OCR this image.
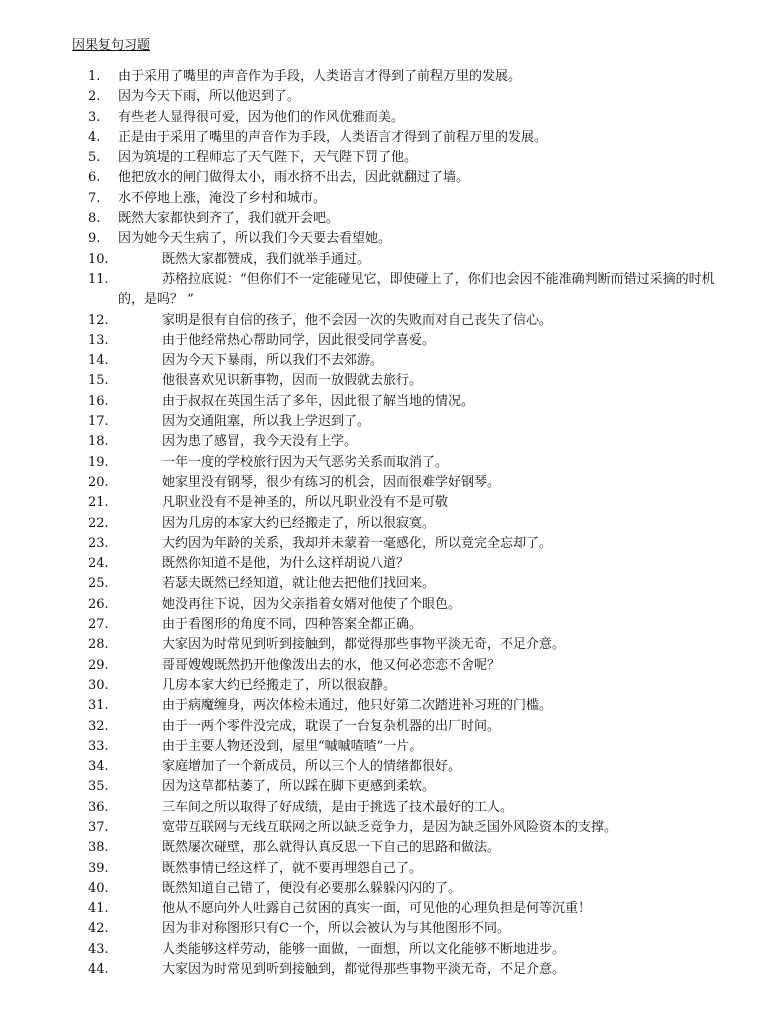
因果复句习题
1.	由于采用了嘴里的声音作为手段，人类语言才得到了前程万里的发展。
2.	因为今天下雨，所以他迟到了。
3.	有些老人显得很可爱，因为他们的作风优雅而美。
4.	正是由于采用了嘴里的声音作为手段，人类语言才得到了前程万里的发展。
5.	因为筑堤的工程师忘了天气陛下，天气陛下罚了他。
6.	他把放水的闸门做得太小，雨水挤不出去，因此就翻过了墙。
7.	水不停地上涨，淹没了乡村和城市。
8.	既然大家都快到齐了，我们就开会吧。
9.	因为她今天生病了，所以我们今天要去看望她。
10.	既然大家都赞成，我们就举手通过。
11.	苏格拉底说：“但你们不一定能碰见它，即使碰上了，你们也会因不能准确判断而错过采摘的时机的，是吗？ ”
12.	家明是很有自信的孩子，他不会因一次的失败而对自己丧失了信心。
13.	由于他经常热心帮助同学，因此很受同学喜爱。
14.	因为今天下暴雨，所以我们不去郊游。
15.	他很喜欢见识新事物，因而一放假就去旅行。
16.	由于叔叔在英国生活了多年，因此很了解当地的情况。
17.	因为交通阻塞，所以我上学迟到了。
18.	因为患了感冒，我今天没有上学。
19.	一年一度的学校旅行因为天气恶劣关系而取消了。
20.	她家里没有钢琴，很少有练习的机会，因而很难学好钢琴。
21.	凡职业没有不是神圣的，所以凡职业没有不是可敬
22.	因为几房的本家大约已经搬走了，所以很寂寞。
23.	大约因为年龄的关系，我却并未蒙着一毫感化，所以竟完全忘却了。
24.	既然你知道不是他，为什么这样胡说八道？
25.	若瑟夫既然已经知道，就让他去把他们找回来。
26.	她没再往下说，因为父亲指着女婿对他使了个眼色。
27.	由于看图形的角度不同，四种答案全都正确。
28.	大家因为时常见到听到接触到，都觉得那些事物平淡无奇，不足介意。
29.	哥哥嫂嫂既然扔开他像泼出去的水，他又何必恋恋不舍呢？
30.	几房本家大约已经搬走了，所以很寂静。
31.	由于病魔缠身，两次体检未通过，他只好第二次踏进补习班的门槛。
32.	由于一两个零件没完成，耽误了一台复杂机器的出厂时间。
33.	由于主要人物还没到，屋里“嘁嘁喳喳”一片。
34.	家庭增加了一个新成员，所以三个人的情绪都很好。
35.	因为这草都枯萎了，所以踩在脚下更感到柔软。
36.	三车间之所以取得了好成绩，是由于挑选了技术最好的工人。
37.	宽带互联网与无线互联网之所以缺乏竞争力，是因为缺乏国外风险资本的支撑。
38.	既然屡次碰壁，那么就得认真反思一下自己的思路和做法。
39.	既然事情已经这样了，就不要再埋怨自己了。
40.	既然知道自己错了，便没有必要那么躲躲闪闪的了。
41.	他从不愿向外人吐露自己贫困的真实一面，可见他的心理负担是何等沉重！
42.	因为非对称图形只有C一个，所以会被认为与其他图形不同。
43.	人类能够这样劳动，能够一面做，一面想，所以文化能够不断地进步。
44.	大家因为时常见到听到接触到，都觉得那些事物平淡无奇，不足介意。
